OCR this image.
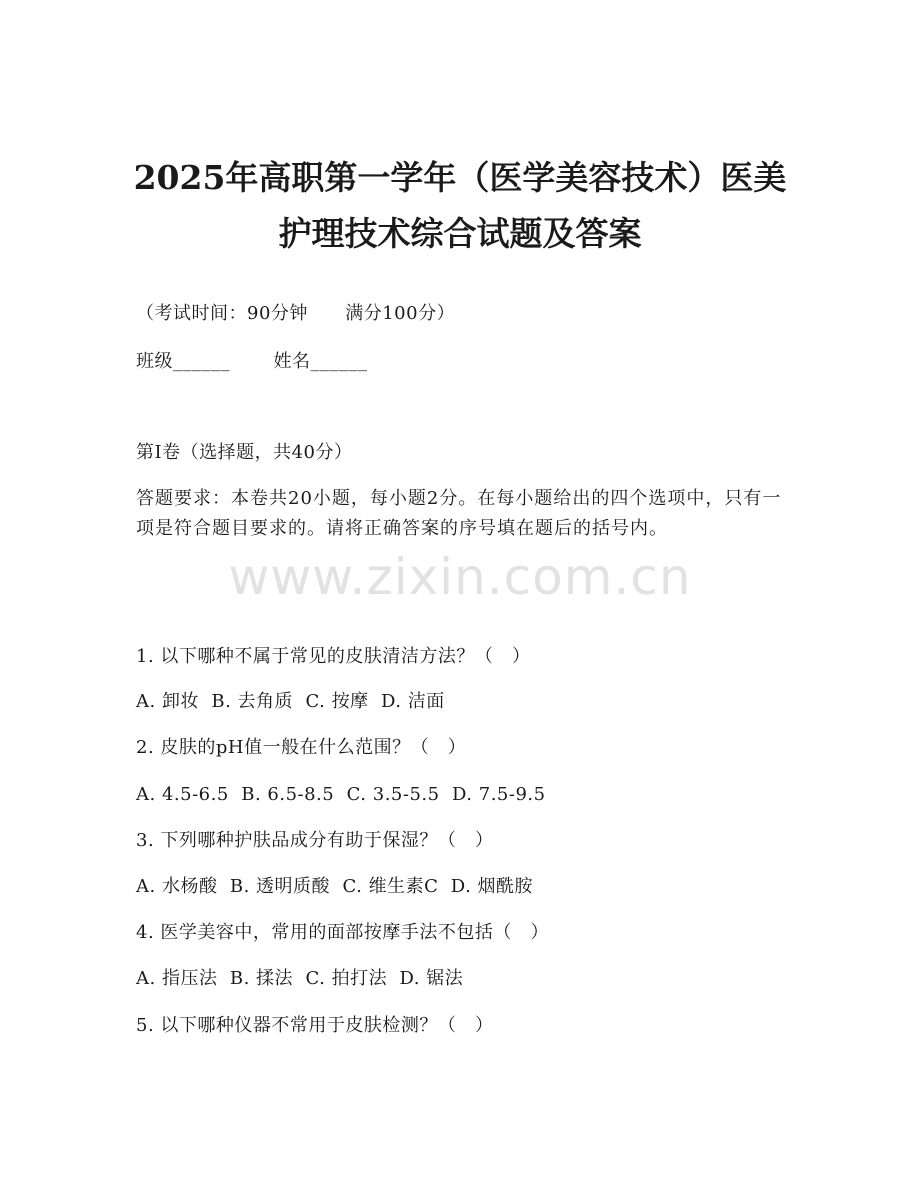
2025年高职第一学年（医学美容技术）医美
护理技术综合试题及答案
（考试时间：90分钟      满分100分）
班级______       姓名______
第I卷（选择题，共40分）
答题要求：本卷共20小题，每小题2分。在每小题给出的四个选项中，只有一项是符合题目要求的。请将正确答案的序号填在题后的括号内。
www.zixin.com.cn
1. 以下哪种不属于常见的皮肤清洁方法？（   ）
A. 卸妆  B. 去角质  C. 按摩  D. 洁面
2. 皮肤的pH值一般在什么范围？（   ）
A. 4.5-6.5  B. 6.5-8.5  C. 3.5-5.5  D. 7.5-9.5
3. 下列哪种护肤品成分有助于保湿？（   ）
A. 水杨酸  B. 透明质酸  C. 维生素C  D. 烟酰胺
4. 医学美容中，常用的面部按摩手法不包括（   ）
A. 指压法  B. 揉法  C. 拍打法  D. 锯法
5. 以下哪种仪器不常用于皮肤检测？（   ）
